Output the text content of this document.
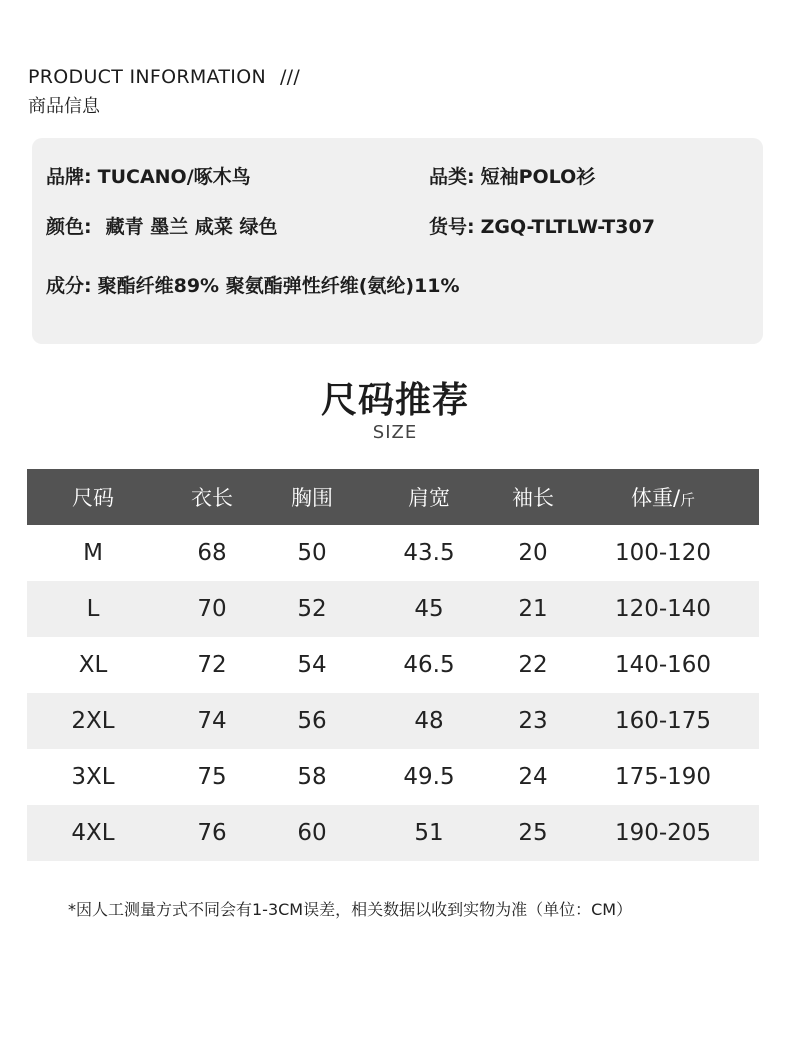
PRODUCT INFORMATION ///
商品信息
品牌: TUCANO/啄木鸟	品类: 短袖POLO衫
颜色: 藏青 墨兰 咸菜 绿色	货号: ZGQ-TLTLW-T307
成分: 聚酯纤维89% 聚氨酯弹性纤维(氨纶)11%
尺码推荐
SIZE
尺码	衣长	胸围	肩宽	袖长	体重/斤
M	68	50	43.5	20	100-120
L	70	52	45	21	120-140
XL	72	54	46.5	22	140-160
2XL	74	56	48	23	160-175
3XL	75	58	49.5	24	175-190
4XL	76	60	51	25	190-205
*因人工测量方式不同会有1-3CM误差，相关数据以收到实物为准（单位：CM）
